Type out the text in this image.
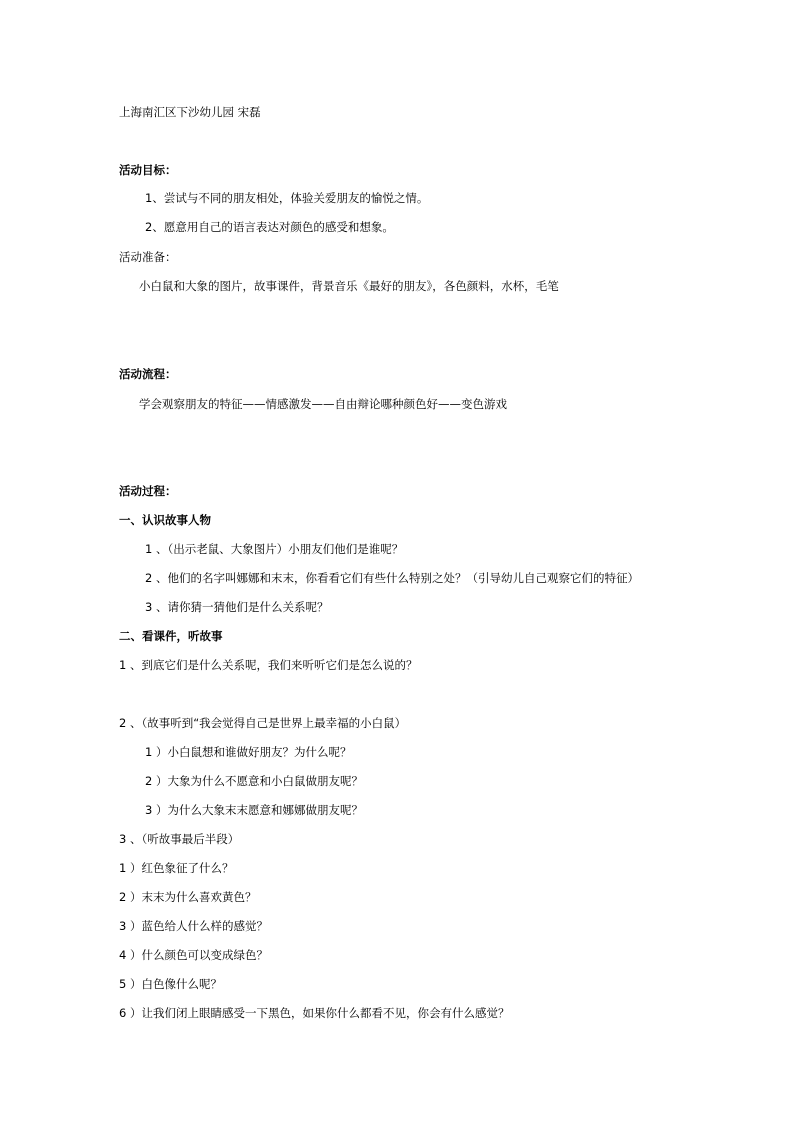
上海南汇区下沙幼儿园 宋磊
活动目标：
1、尝试与不同的朋友相处，体验关爱朋友的愉悦之情。
2、愿意用自己的语言表达对颜色的感受和想象。
活动准备：
小白鼠和大象的图片，故事课件，背景音乐《最好的朋友》，各色颜料，水杯，毛笔
活动流程：
学会观察朋友的特征——情感激发——自由辩论哪种颜色好——变色游戏
活动过程：
一、认识故事人物
1 、（出示老鼠、大象图片）小朋友们他们是谁呢？
2 、他们的名字叫娜娜和末末，你看看它们有些什么特别之处？（引导幼儿自己观察它们的特征）
3 、请你猜一猜他们是什么关系呢？
二、看课件，听故事
1 、到底它们是什么关系呢，我们来听听它们是怎么说的？
2 、（故事听到“我会觉得自己是世界上最幸福的小白鼠）
1 ）小白鼠想和谁做好朋友？为什么呢？
2 ）大象为什么不愿意和小白鼠做朋友呢？
3 ）为什么大象末末愿意和娜娜做朋友呢？
3 、（听故事最后半段）
1 ）红色象征了什么？
2 ）末末为什么喜欢黄色？
3 ）蓝色给人什么样的感觉？
4 ）什么颜色可以变成绿色？
5 ）白色像什么呢？
6 ）让我们闭上眼睛感受一下黑色，如果你什么都看不见，你会有什么感觉？
